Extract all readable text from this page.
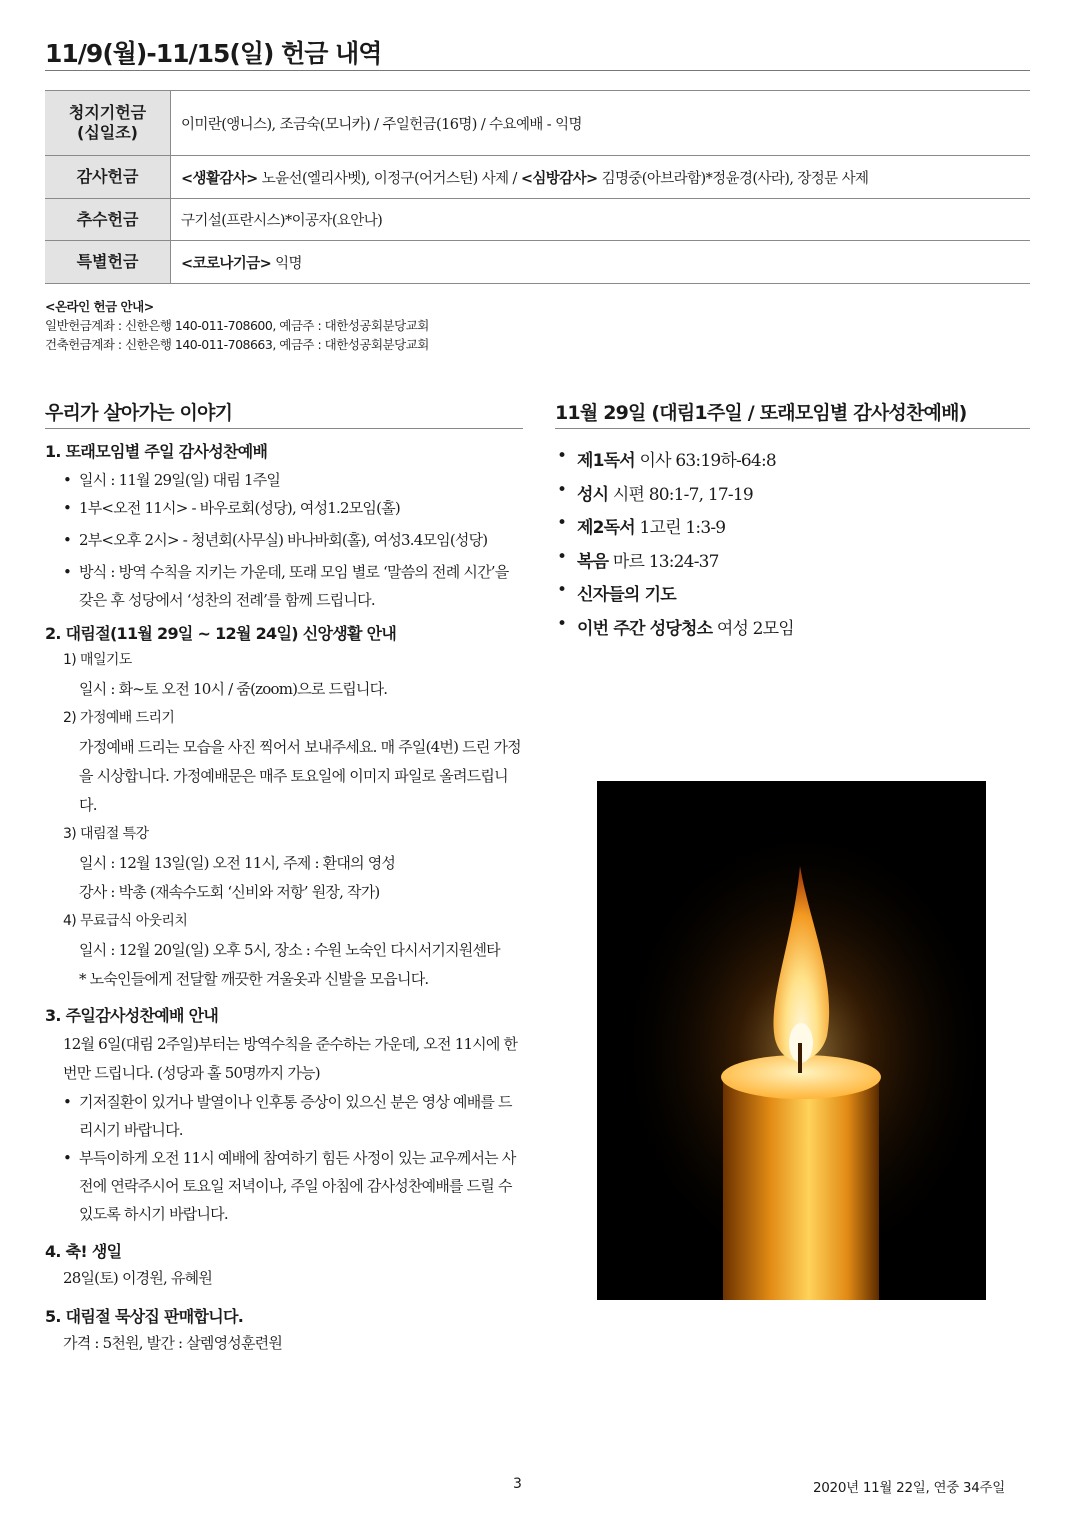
11/9(월)-11/15(일) 헌금 내역
청지기헌금
(십일조)	이미란(앵니스), 조금숙(모니카) / 주일헌금(16명) / 수요예배 - 익명
감사헌금	<생활감사> 노윤선(엘리사벳), 이정구(어거스틴) 사제 / <심방감사> 김명중(아브라함)*정윤경(사라), 장정문 사제
추수헌금	구기설(프란시스)*이공자(요안나)
특별헌금	<코로나기금> 익명
<온라인 헌금 안내>
일반헌금계좌 : 신한은행 140-011-708600, 예금주 : 대한성공회분당교회
건축헌금계좌 : 신한은행 140-011-708663, 예금주 : 대한성공회분당교회
우리가 살아가는 이야기
1. 또래모임별 주일 감사성찬예배
• 일시 : 11월 29일(일) 대림 1주일
• 1부<오전 11시> - 바우로회(성당), 여성1.2모임(홀)
• 2부<오후 2시> - 청년회(사무실) 바나바회(홀), 여성3.4모임(성당)
• 방식 : 방역 수칙을 지키는 가운데, 또래 모임 별로 ‘말씀의 전례 시간’을 갖은 후 성당에서 ‘성찬의 전례’를 함께 드립니다.
2. 대림절(11월 29일 ~ 12월 24일) 신앙생활 안내
1) 매일기도
일시 : 화~토 오전 10시 / 줌(zoom)으로 드립니다.
2) 가정예배 드리기
가정예배 드리는 모습을 사진 찍어서 보내주세요. 매 주일(4번) 드린 가정을 시상합니다. 가정예배문은 매주 토요일에 이미지 파일로 올려드립니다.
3) 대림절 특강
일시 : 12월 13일(일) 오전 11시, 주제 : 환대의 영성
강사 : 박총 (재속수도회 ‘신비와 저항’ 원장, 작가)
4) 무료급식 아웃리치
일시 : 12월 20일(일) 오후 5시, 장소 : 수원 노숙인 다시서기지원센타
* 노숙인들에게 전달할 깨끗한 겨울옷과 신발을 모읍니다.
3. 주일감사성찬예배 안내
12월 6일(대림 2주일)부터는 방역수칙을 준수하는 가운데, 오전 11시에 한 번만 드립니다. (성당과 홀 50명까지 가능)
• 기저질환이 있거나 발열이나 인후통 증상이 있으신 분은 영상 예배를 드리시기 바랍니다.
• 부득이하게 오전 11시 예배에 참여하기 힘든 사정이 있는 교우께서는 사전에 연락주시어 토요일 저녁이나, 주일 아침에 감사성찬예배를 드릴 수 있도록 하시기 바랍니다.
4. 축! 생일
28일(토) 이경원, 유혜원
5. 대림절 묵상집 판매합니다.
가격 : 5천원, 발간 : 살렘영성훈련원
11월 29일 (대림1주일 / 또래모임별 감사성찬예배)
• 제1독서 이사 63:19하-64:8
• 성시 시편 80:1-7, 17-19
• 제2독서 1고린 1:3-9
• 복음 마르 13:24-37
• 신자들의 기도
• 이번 주간 성당청소 여성 2모임
3	2020년 11월 22일, 연중 34주일
